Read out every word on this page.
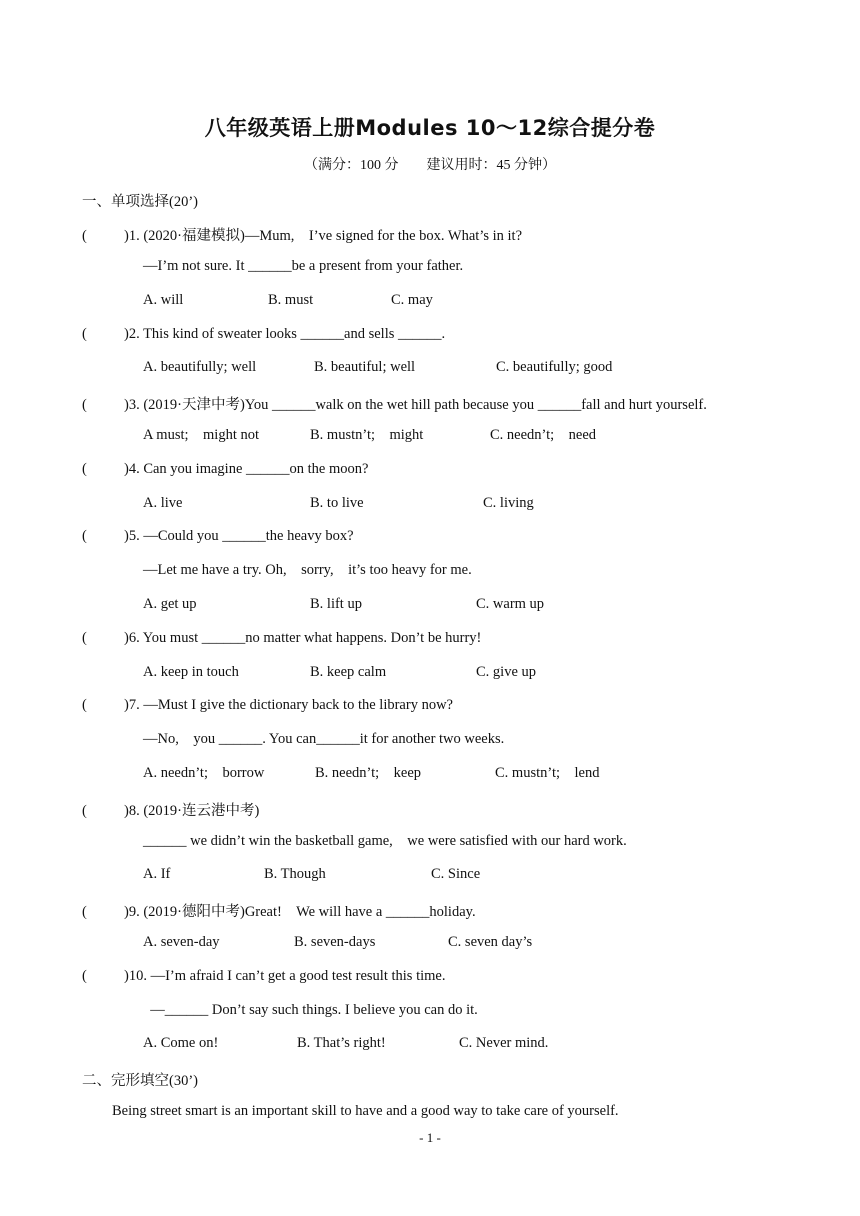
八年级英语上册Modules 10～12综合提分卷
（满分：100 分 建议用时：45 分钟）
一、单项选择(20’)
(	)1. (2020·福建模拟)—Mum,    I’ve signed for the box. What’s in it?
—I’m not sure. It ______be a present from your father.
A. will	B. must	C. may
(	)2. This kind of sweater looks ______and sells ______.
A. beautifully; well	B. beautiful; well	C. beautifully; good
(	)3. (2019·天津中考)You ______walk on the wet hill path because you ______fall and hurt yourself.
A must;    might not	B. mustn’t;    might	C. needn’t;    need
(	)4. Can you imagine ______on the moon?
A. live	B. to live	C. living
(	)5. —Could you ______the heavy box?
—Let me have a try. Oh,    sorry,    it’s too heavy for me.
A. get up	B. lift up	C. warm up
(	)6. You must ______no matter what happens. Don’t be hurry!
A. keep in touch	B. keep calm	C. give up
(	)7. —Must I give the dictionary back to the library now?
—No,    you ______. You can______it for another two weeks.
A. needn’t;    borrow	B. needn’t;    keep	C. mustn’t;    lend
(	)8. (2019·连云港中考)
______ we didn’t win the basketball game,    we were satisfied with our hard work.
A. If	B. Though	C. Since
(	)9. (2019·德阳中考)Great!    We will have a ______holiday.
A. seven-day	B. seven-days	C. seven day’s
(	)10. —I’m afraid I can’t get a good test result this time.
—______ Don’t say such things. I believe you can do it.
A. Come on!	B. That’s right!	C. Never mind.
二、完形填空(30’)
Being street smart is an important skill to have and a good way to take care of yourself.
- 1 -
